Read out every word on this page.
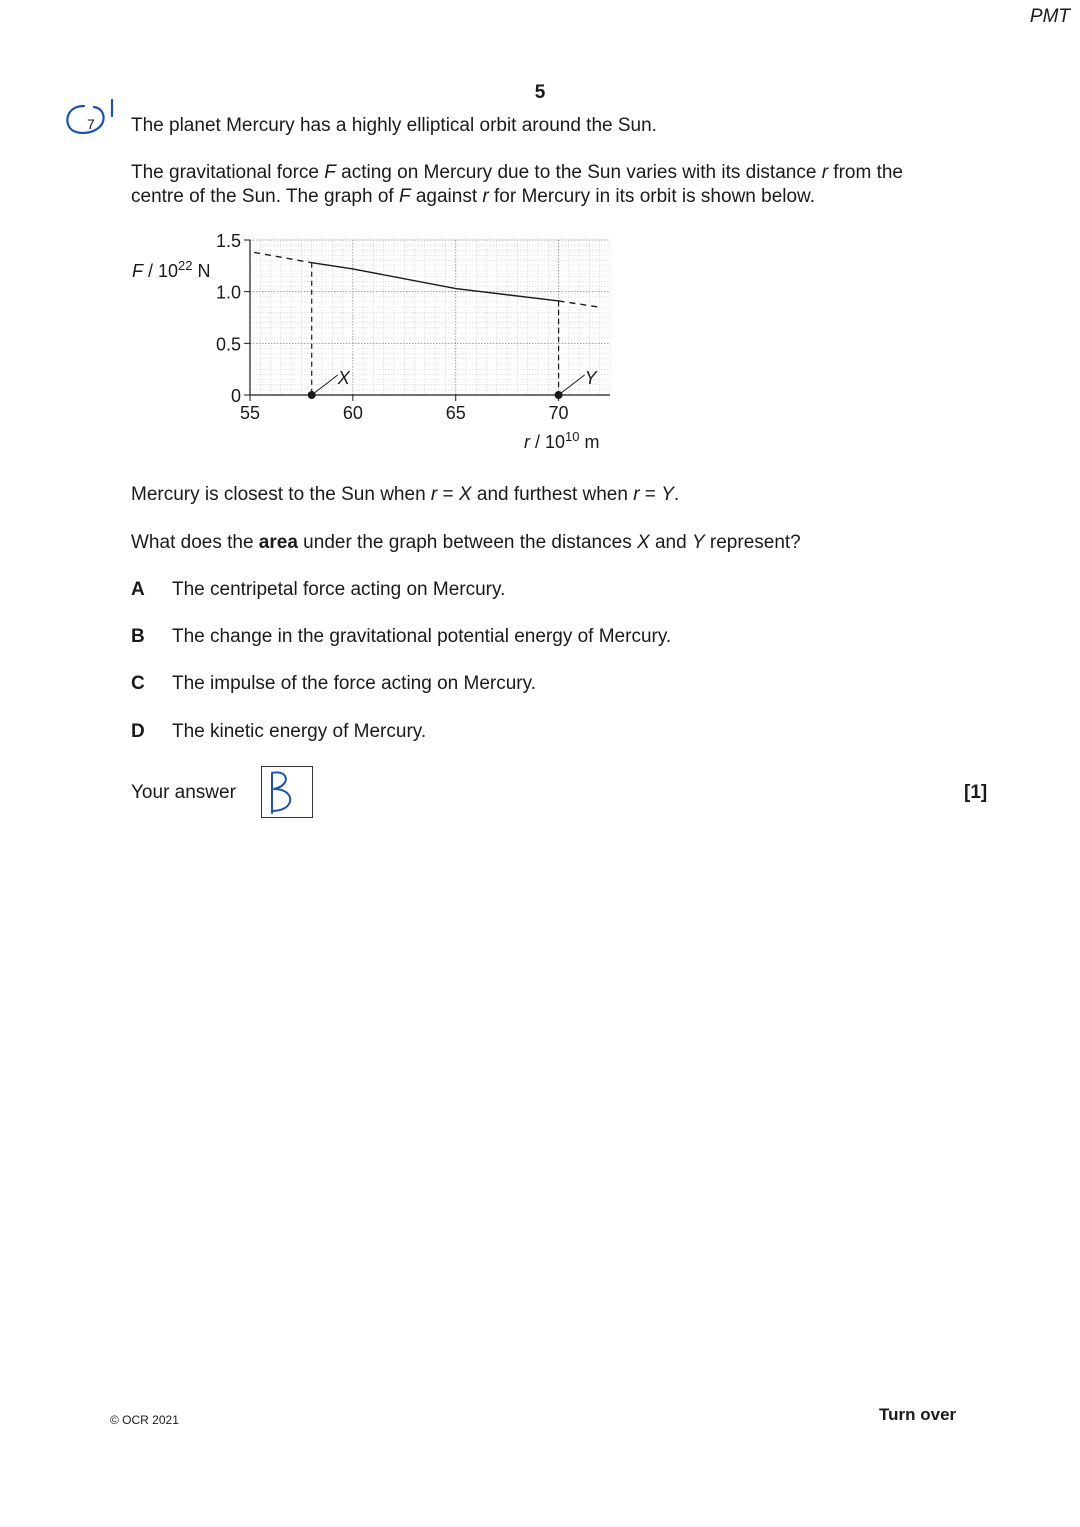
PMT
5
7 The planet Mercury has a highly elliptical orbit around the Sun.

The gravitational force F acting on Mercury due to the Sun varies with its distance r from the

centre of the Sun. The graph of F against r for Mercury in its orbit is shown below.

0
0.5
1.0
1.5
55	60	65	70
F / $10^{22}$ N
r / $10^{10}$ m
X	Y
Mercury is closest to the Sun when r = X and furthest when r = Y.
What does the area under the graph between the distances X and Y represent?
A The centripetal force acting on Mercury.
B The change in the gravitational potential energy of Mercury.
C The impulse of the force acting on Mercury.
D The kinetic energy of Mercury.
Your answer	[1]
© OCR 2021	Turn over
